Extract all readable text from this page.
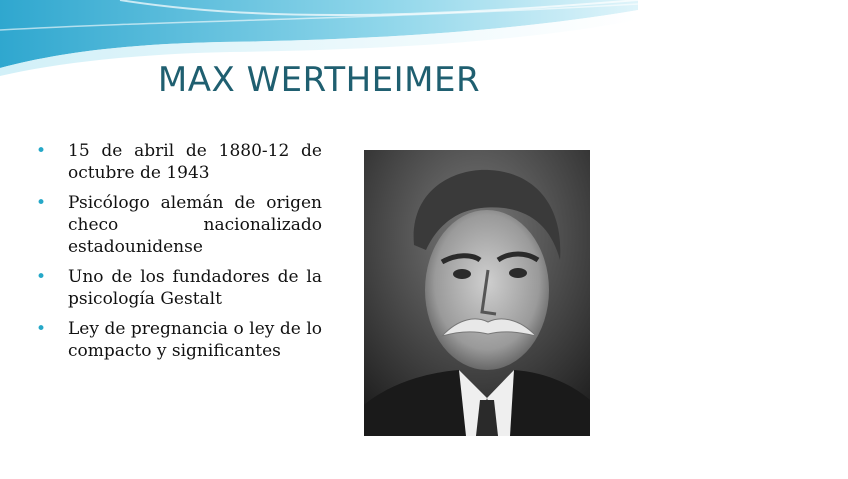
MAX WERTHEIMER
• 15 de abril de 1880-12 de octubre de 1943
• Psicólogo alemán de origen checo nacionalizado estadounidense
• Uno de los fundadores de la psicología Gestalt
• Ley de pregnancia o ley de lo compacto y significantes
visualphotos.com
